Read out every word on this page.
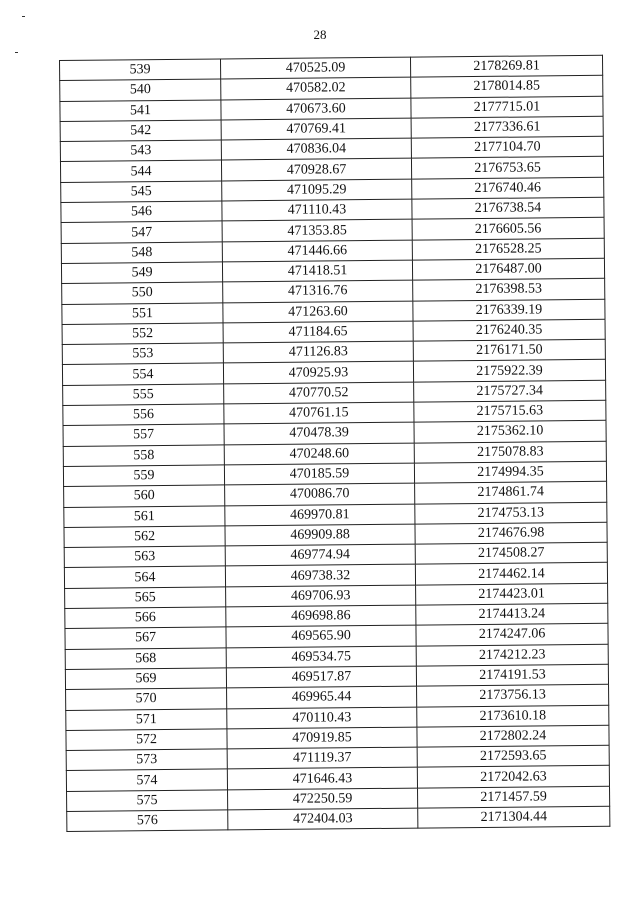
28
539	470525.09	2178269.81
540	470582.02	2178014.85
541	470673.60	2177715.01
542	470769.41	2177336.61
543	470836.04	2177104.70
544	470928.67	2176753.65
545	471095.29	2176740.46
546	471110.43	2176738.54
547	471353.85	2176605.56
548	471446.66	2176528.25
549	471418.51	2176487.00
550	471316.76	2176398.53
551	471263.60	2176339.19
552	471184.65	2176240.35
553	471126.83	2176171.50
554	470925.93	2175922.39
555	470770.52	2175727.34
556	470761.15	2175715.63
557	470478.39	2175362.10
558	470248.60	2175078.83
559	470185.59	2174994.35
560	470086.70	2174861.74
561	469970.81	2174753.13
562	469909.88	2174676.98
563	469774.94	2174508.27
564	469738.32	2174462.14
565	469706.93	2174423.01
566	469698.86	2174413.24
567	469565.90	2174247.06
568	469534.75	2174212.23
569	469517.87	2174191.53
570	469965.44	2173756.13
571	470110.43	2173610.18
572	470919.85	2172802.24
573	471119.37	2172593.65
574	471646.43	2172042.63
575	472250.59	2171457.59
576	472404.03	2171304.44
